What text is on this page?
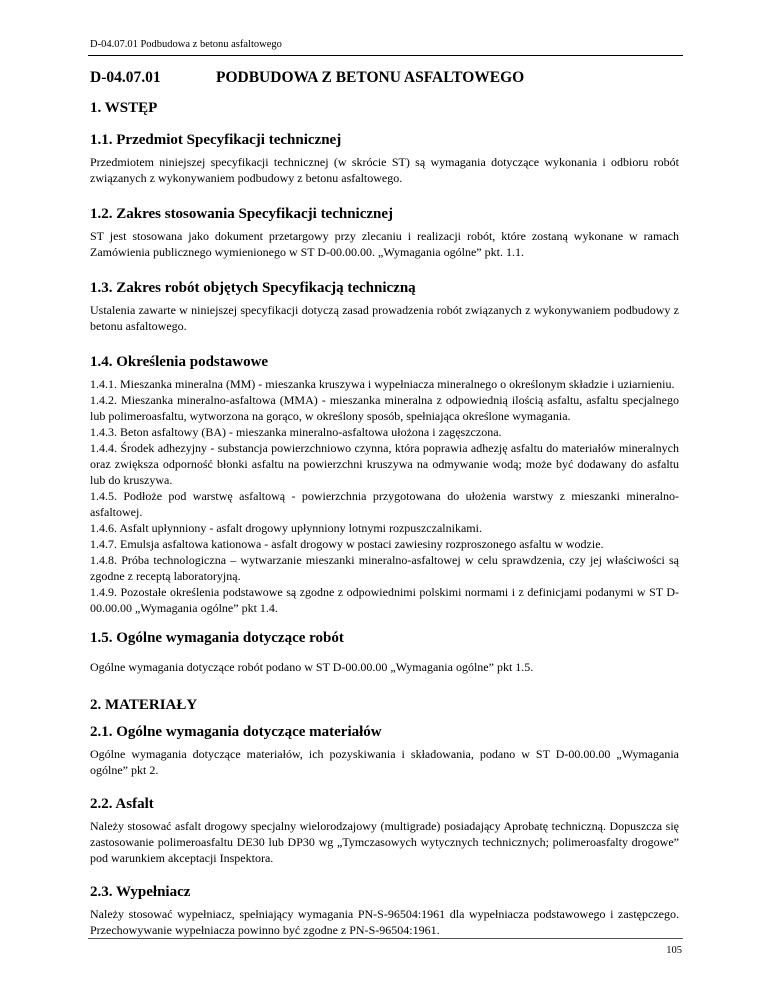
D-04.07.01 Podbudowa z betonu asfaltowego
D-04.07.01	PODBUDOWA Z BETONU ASFALTOWEGO
1. WSTĘP
1.1. Przedmiot Specyfikacji technicznej

Przedmiotem niniejszej specyfikacji technicznej (w skrócie ST) są wymagania dotyczące wykonania i odbioru robót związanych z wykonywaniem podbudowy z betonu asfaltowego.

1.2. Zakres stosowania Specyfikacji technicznej

ST jest stosowana jako dokument przetargowy przy zlecaniu i realizacji robót, które zostaną wykonane w ramach Zamówienia publicznego wymienionego w ST D-00.00.00. „Wymagania ogólne” pkt. 1.1.

1.3. Zakres robót objętych Specyfikacją techniczną

Ustalenia zawarte w niniejszej specyfikacji dotyczą zasad prowadzenia robót związanych z wykonywaniem podbudowy z betonu asfaltowego.

1.4. Określenia podstawowe

1.4.1. Mieszanka mineralna (MM) - mieszanka kruszywa i wypełniacza mineralnego o określonym składzie i uziarnieniu.

1.4.2. Mieszanka mineralno-asfaltowa (MMA) - mieszanka mineralna z odpowiednią ilością asfaltu, asfaltu specjalnego lub polimeroasfaltu, wytworzona na gorąco, w określony sposób, spełniająca określone wymagania.

1.4.3. Beton asfaltowy (BA) - mieszanka mineralno-asfaltowa ułożona i zagęszczona.

1.4.4. Środek adhezyjny - substancja powierzchniowo czynna, która poprawia adhezję asfaltu do materiałów mineralnych oraz zwiększa odporność błonki asfaltu na powierzchni kruszywa na odmywanie wodą; może być dodawany do asfaltu lub do kruszywa.

1.4.5. Podłoże pod warstwę asfaltową - powierzchnia przygotowana do ułożenia warstwy z mieszanki mineralno-asfaltowej.

1.4.6. Asfalt upłynniony - asfalt drogowy upłynniony lotnymi rozpuszczalnikami.

1.4.7. Emulsja asfaltowa kationowa - asfalt drogowy w postaci zawiesiny rozproszonego asfaltu w wodzie.

1.4.8. Próba technologiczna – wytwarzanie mieszanki mineralno-asfaltowej w celu sprawdzenia, czy jej właściwości są zgodne z receptą laboratoryjną.

1.4.9. Pozostałe określenia podstawowe są zgodne z odpowiednimi polskimi normami i z definicjami podanymi w ST D-00.00.00 „Wymagania ogólne” pkt 1.4.

1.5. Ogólne wymagania dotyczące robót

Ogólne wymagania dotyczące robót podano w ST D-00.00.00 „Wymagania ogólne” pkt 1.5.

2. MATERIAŁY
2.1. Ogólne wymagania dotyczące materiałów

Ogólne wymagania dotyczące materiałów, ich pozyskiwania i składowania, podano w ST D-00.00.00 „Wymagania ogólne” pkt 2.

2.2. Asfalt

Należy stosować asfalt drogowy specjalny wielorodzajowy (multigrade) posiadający Aprobatę techniczną. Dopuszcza się zastosowanie polimeroasfaltu DE30 lub DP30 wg „Tymczasowych wytycznych technicznych; polimeroasfalty drogowe” pod warunkiem akceptacji Inspektora.

2.3. Wypełniacz

Należy stosować wypełniacz, spełniający wymagania PN-S-96504:1961 dla wypełniacza podstawowego i zastępczego. Przechowywanie wypełniacza powinno być zgodne z PN-S-96504:1961.

105
